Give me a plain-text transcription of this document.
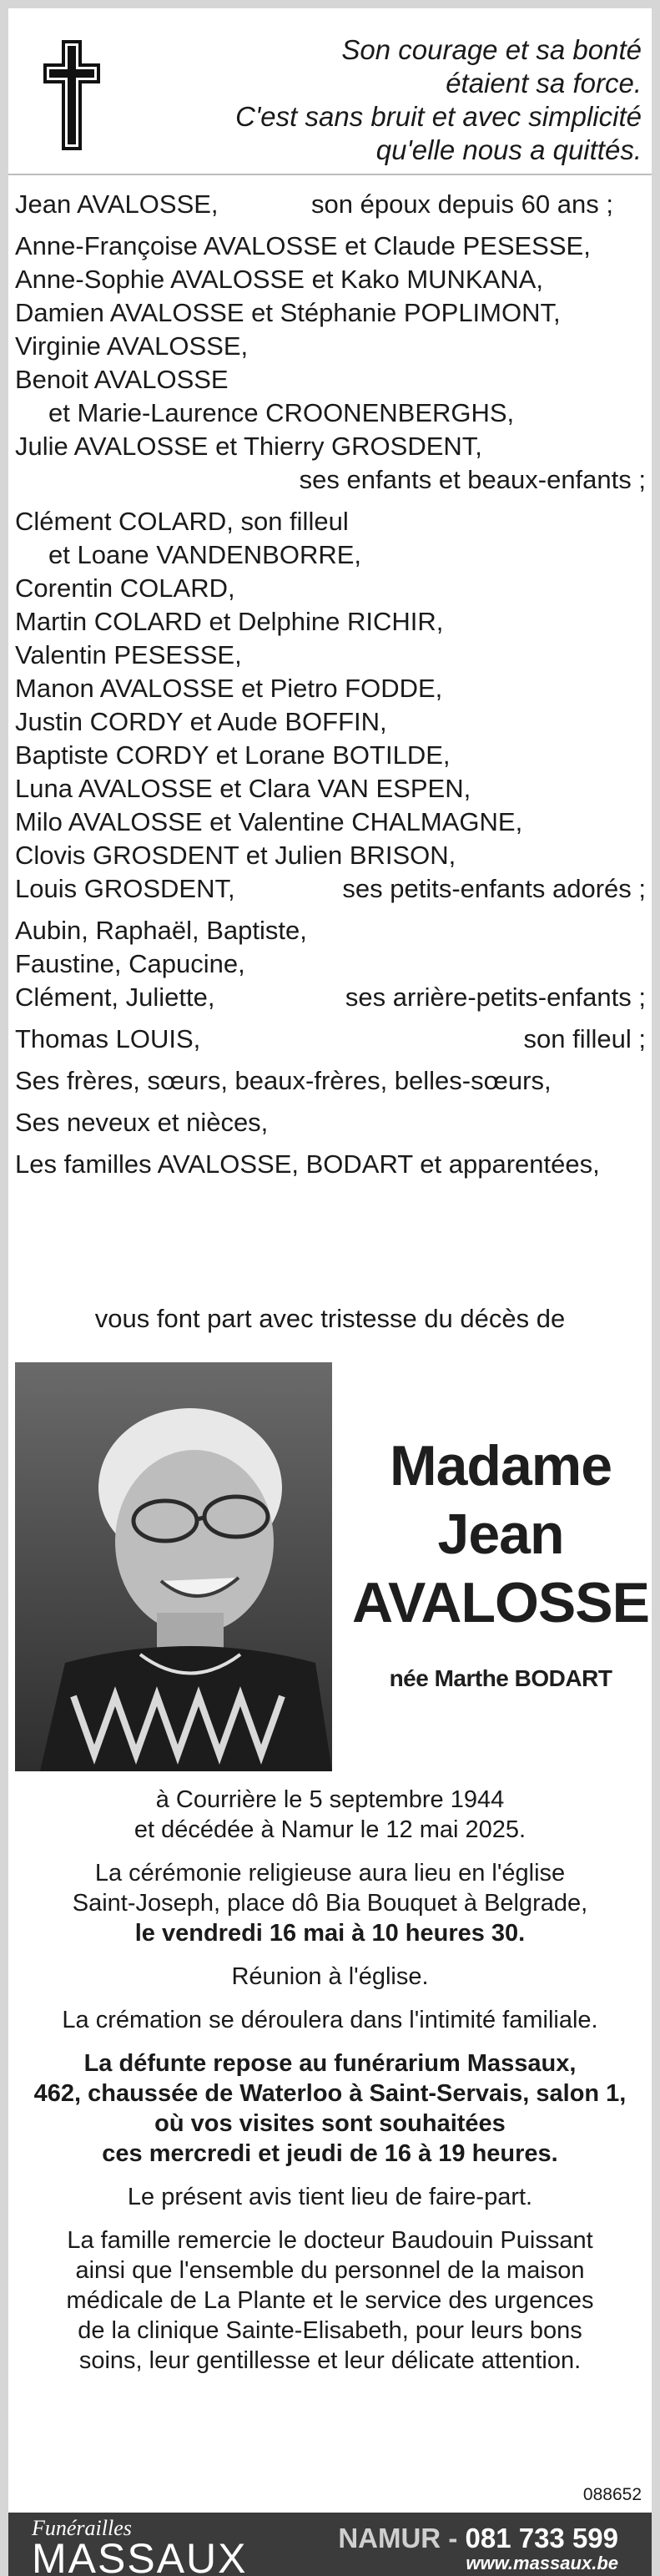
Son courage et sa bonté
étaient sa force.
C'est sans bruit et avec simplicité
qu'elle nous a quittés.
Jean AVALOSSE,	son époux depuis 60 ans ;
Anne-Françoise AVALOSSE et Claude PESESSE,
Anne-Sophie AVALOSSE et Kako MUNKANA,
Damien AVALOSSE et Stéphanie POPLIMONT,
Virginie AVALOSSE,
Benoit AVALOSSE
et Marie-Laurence CROONENBERGHS,
Julie AVALOSSE et Thierry GROSDENT,
ses enfants et beaux-enfants ;
Clément COLARD, son filleul
et Loane VANDENBORRE,
Corentin COLARD,
Martin COLARD et Delphine RICHIR,
Valentin PESESSE,
Manon AVALOSSE et Pietro FODDE,
Justin CORDY et Aude BOFFIN,
Baptiste CORDY et Lorane BOTILDE,
Luna AVALOSSE et Clara VAN ESPEN,
Milo AVALOSSE et Valentine CHALMAGNE,
Clovis GROSDENT et Julien BRISON,
Louis GROSDENT,	ses petits-enfants adorés ;
Aubin, Raphaël, Baptiste,
Faustine, Capucine,
Clément, Juliette,	ses arrière-petits-enfants ;
Thomas LOUIS,	son filleul ;
Ses frères, sœurs, beaux-frères, belles-sœurs,
Ses neveux et nièces,
Les familles AVALOSSE, BODART et apparentées,
vous font part avec tristesse du décès de
Madame
Jean
AVALOSSE
née Marthe BODART
à Courrière le 5 septembre 1944
et décédée à Namur le 12 mai 2025.
La cérémonie religieuse aura lieu en l'église
Saint-Joseph, place dô Bia Bouquet à Belgrade,
le vendredi 16 mai à 10 heures 30.
Réunion à l'église.
La crémation se déroulera dans l'intimité familiale.
La défunte repose au funérarium Massaux,
462, chaussée de Waterloo à Saint-Servais, salon 1,
où vos visites sont souhaitées
ces mercredi et jeudi de 16 à 19 heures.
Le présent avis tient lieu de faire-part.
La famille remercie le docteur Baudouin Puissant
ainsi que l'ensemble du personnel de la maison
médicale de La Plante et le service des urgences
de la clinique Sainte-Elisabeth, pour leurs bons
soins, leur gentillesse et leur délicate attention.
088652
Funérailles
MASSAUX	NAMUR - 081 733 599
www.massaux.be
